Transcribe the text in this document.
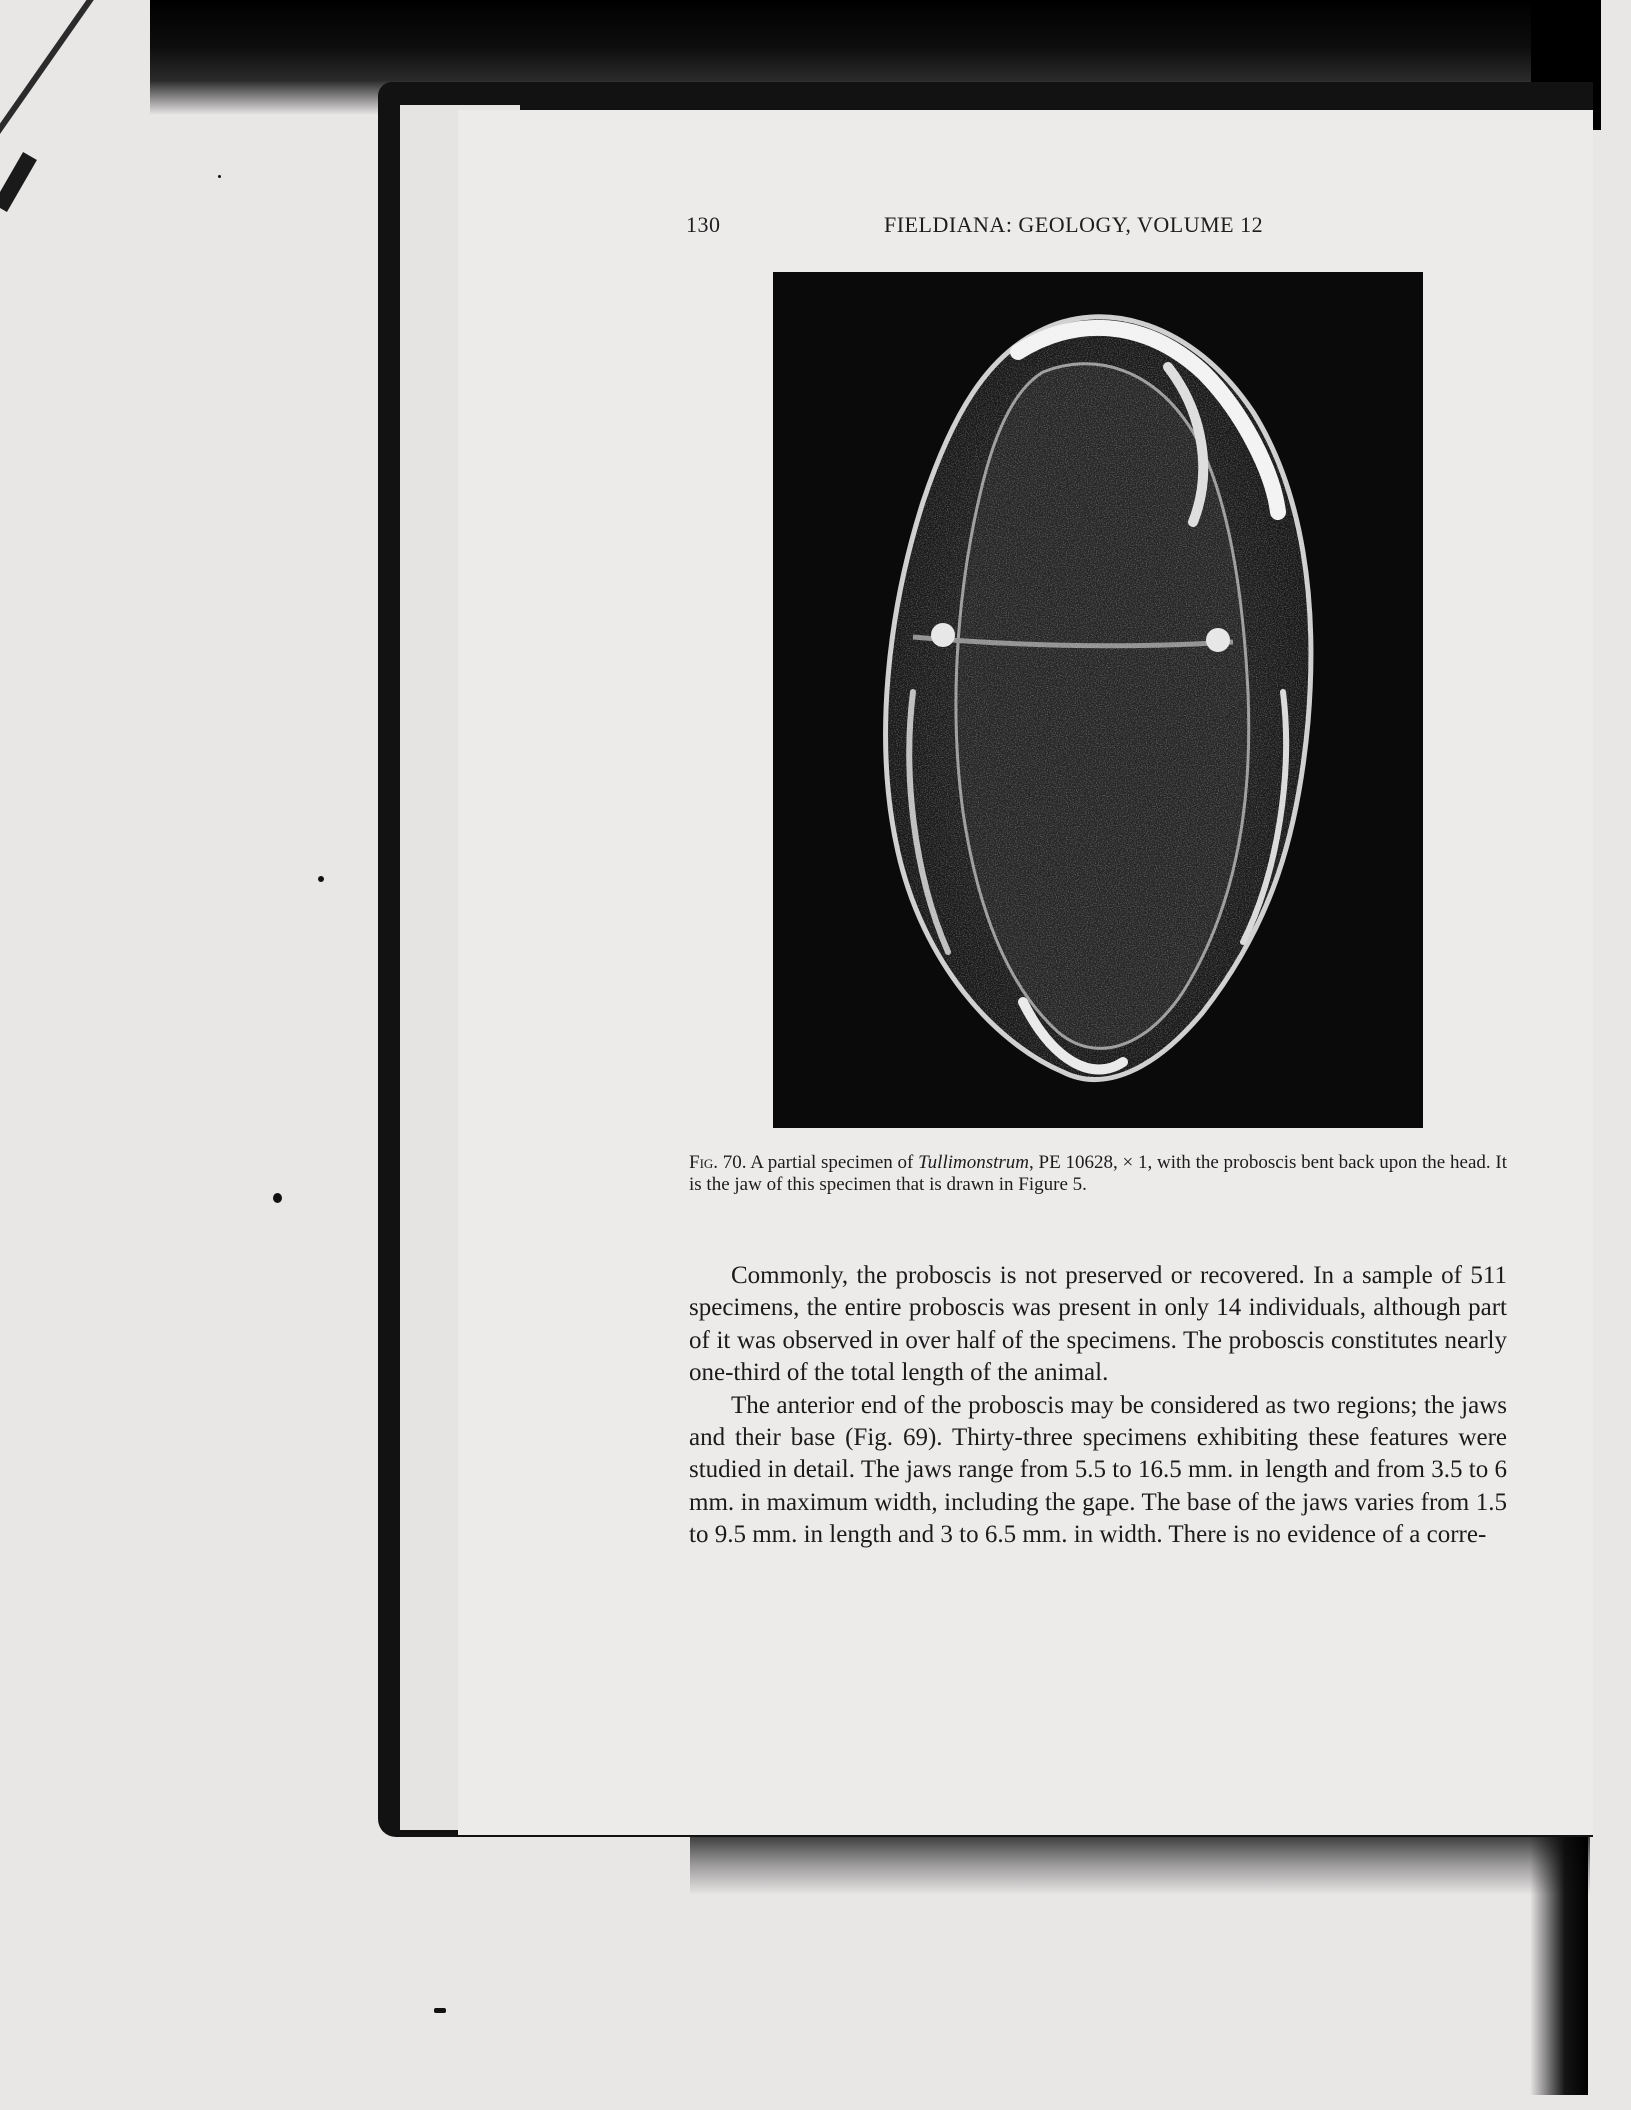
130	FIELDIANA: GEOLOGY, VOLUME 12
Fig. 70. A partial specimen of Tullimonstrum, PE 10628, × 1, with the proboscis bent back upon the head. It is the jaw of this specimen that is drawn in Figure 5.

Commonly, the proboscis is not preserved or recovered. In a sample of 511 specimens, the entire proboscis was present in only 14 individuals, although part of it was observed in over half of the specimens. The proboscis constitutes nearly one-third of the total length of the animal.

The anterior end of the proboscis may be considered as two regions; the jaws and their base (Fig. 69). Thirty-three specimens exhibiting these features were studied in detail. The jaws range from 5.5 to 16.5 mm. in length and from 3.5 to 6 mm. in maximum width, including the gape. The base of the jaws varies from 1.5 to 9.5 mm. in length and 3 to 6.5 mm. in width. There is no evidence of a corre-
